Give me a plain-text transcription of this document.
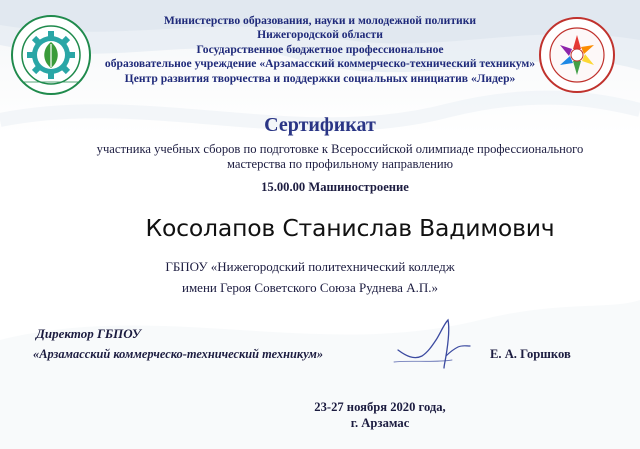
Министерство образования, науки и молодежной политики
Нижегородской области
Государственное бюджетное профессиональное
образовательное учреждение «Арзамасский коммерческо-технический техникум»
Центр развития творчества и поддержки социальных инициатив «Лидер»
Сертификат
участника учебных сборов по подготовке к Всероссийской олимпиаде профессионального
мастерства по профильному направлению
15.00.00 Машиностроение
Косолапов Станислав Вадимович
ГБПОУ «Нижегородский политехнический колледж
имени Героя Советского Союза Руднева А.П.»
Директор ГБПОУ
«Арзамасский коммерческо-технический техникум»	Е. А. Горшков
23-27 ноября 2020 года,
г. Арзамас
